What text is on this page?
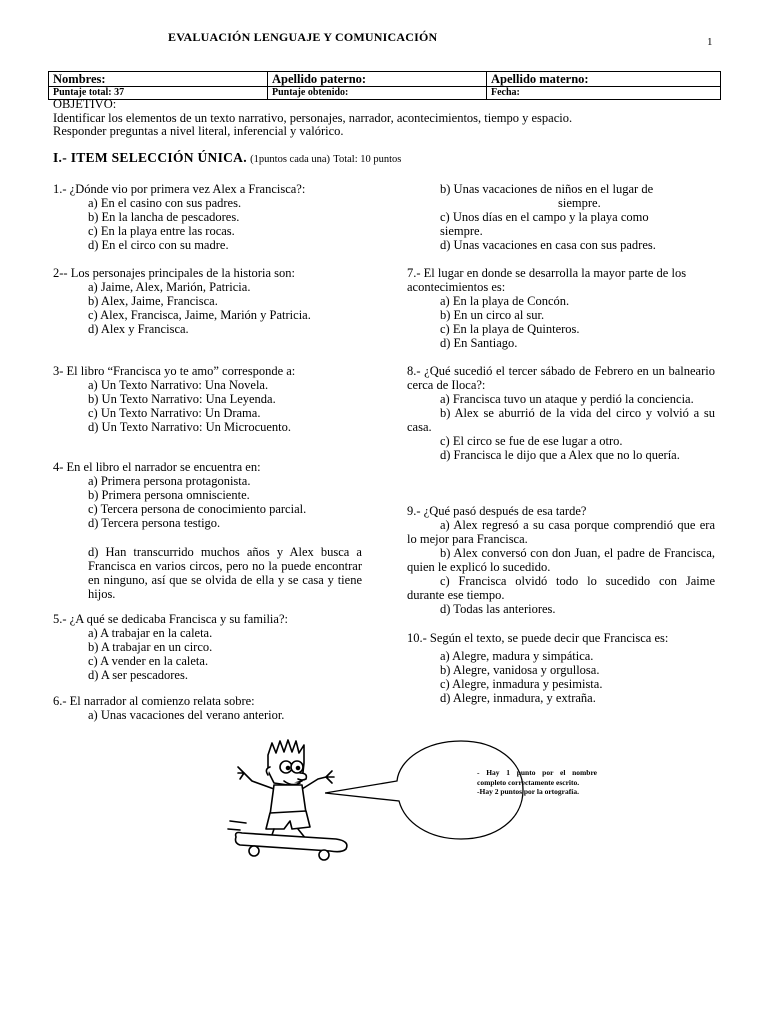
EVALUACIÓN LENGUAJE Y COMUNICACIÓN	1
Nombres:	Apellido paterno:	Apellido materno:
Puntaje total: 37	Puntaje obtenido:	Fecha:
OBJETIVO:
Identificar los elementos de un texto narrativo, personajes, narrador, acontecimientos, tiempo y espacio.
Responder preguntas a nivel literal, inferencial y valórico.
I.- ITEM SELECCIÓN ÚNICA. (1puntos cada una) Total: 10 puntos

1.- ¿Dónde vio por primera vez Alex a Francisca?:

a) En el casino con sus padres.

b) En la lancha de pescadores.

c) En la playa entre las rocas.

d) En el circo con su madre.

2-- Los personajes principales de la historia son:

a) Jaime, Alex, Marión, Patricia.

b) Alex, Jaime, Francisca.

c) Alex, Francisca, Jaime, Marión y Patricia.

d) Alex y Francisca.

3- El libro “Francisca yo te amo” corresponde a:

a) Un Texto Narrativo: Una Novela.

b) Un Texto Narrativo: Una Leyenda.

c) Un Texto Narrativo: Un Drama.

d) Un Texto Narrativo: Un Microcuento.

4- En el libro el narrador se encuentra en:

a) Primera persona protagonista.

b) Primera persona omnisciente.

c) Tercera persona de conocimiento parcial.

d) Tercera persona testigo.

d) Han transcurrido muchos años y Alex busca a Francisca en varios circos, pero no la puede encontrar en ninguno, así que se olvida de ella y se casa y tiene hijos.

5.- ¿A qué se dedicaba Francisca y su familia?:

a) A trabajar en la caleta.

b) A trabajar en un circo.

c) A vender en la caleta.

d) A ser pescadores.

6.- El narrador al comienzo relata sobre:

a) Unas vacaciones del verano anterior.

b) Unas vacaciones de niños en el lugar de

siempre.

c) Unos días en el campo y la playa como

siempre.

d) Unas vacaciones en casa con sus padres.

7.- El lugar en donde se desarrolla la mayor parte de los acontecimientos es:

a) En la playa de Concón.

b) En un circo al sur.

c) En la playa de Quinteros.

d) En Santiago.

8.- ¿Qué sucedió el tercer sábado de Febrero en un balneario cerca de Iloca?:

a) Francisca tuvo un ataque y perdió la conciencia.

b) Alex se aburrió de la vida del circo y volvió a su casa.

c) El circo se fue de ese lugar a otro.

d) Francisca le dijo que a Alex que no lo quería.

9.- ¿Qué pasó después de esa tarde?

a) Alex regresó a su casa porque comprendió que era lo mejor para Francisca.

b) Alex conversó con don Juan, el padre de Francisca, quien le explicó lo sucedido.

c) Francisca olvidó todo lo sucedido con Jaime durante ese tiempo.

d) Todas las anteriores.

10.- Según el texto, se puede decir que Francisca es:

a) Alegre, madura y simpática.

b) Alegre, vanidosa y orgullosa.

c) Alegre, inmadura y pesimista.

d) Alegre, inmadura, y extraña.

- Hay 1 punto por el nombre completo correctamente escrito.

-Hay 2 puntos por la ortografía.
